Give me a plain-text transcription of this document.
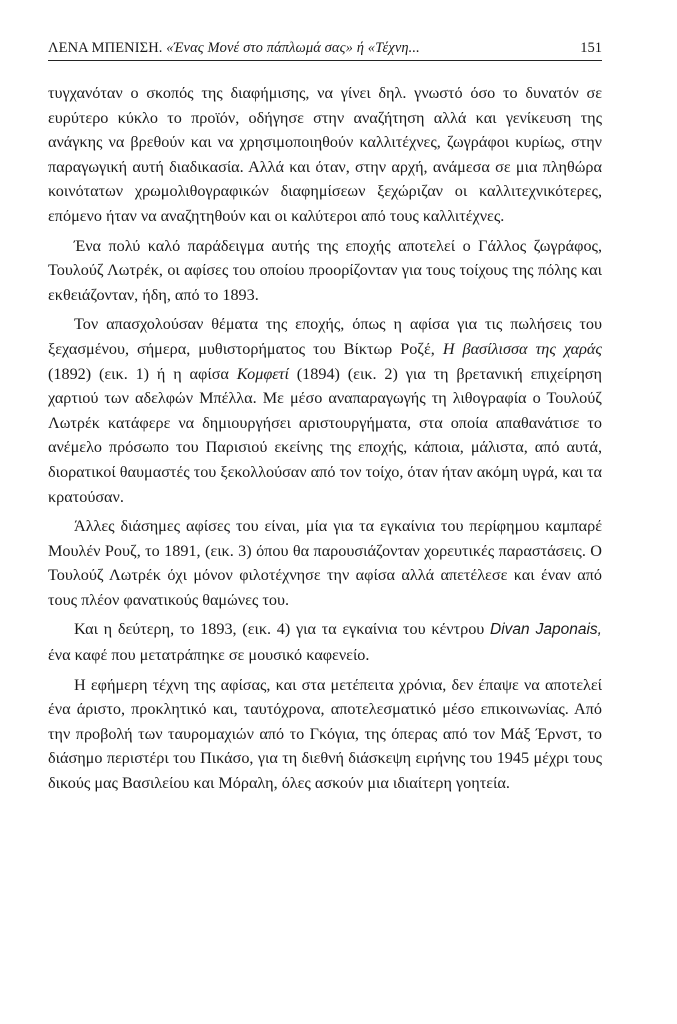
ΛΕΝΑ ΜΠΕΝΙΣΗ. «Ένας Μονέ στο πάπλωμά σας» ή «Τέχνη...	151

τυγχανόταν ο σκοπός της διαφήμισης, να γίνει δηλ. γνωστό όσο το δυνατόν σε ευρύτερο κύκλο το προϊόν, οδήγησε στην αναζήτηση αλλά και γενίκευση της ανάγκης να βρεθούν και να χρησιμοποιηθούν καλλιτέχνες, ζωγράφοι κυρίως, στην παραγωγική αυτή διαδικασία. Αλλά και όταν, στην αρχή, ανάμεσα σε μια πληθώρα κοινότατων χρωμολιθογραφικών διαφημίσεων ξεχώριζαν οι καλλιτεχνικότερες, επόμενο ήταν να αναζητηθούν και οι καλύτεροι από τους καλλιτέχνες.

Ένα πολύ καλό παράδειγμα αυτής της εποχής αποτελεί ο Γάλλος ζωγράφος, Τουλούζ Λωτρέκ, οι αφίσες του οποίου προορίζονταν για τους τοίχους της πόλης και εκθειάζονταν, ήδη, από το 1893.

Τον απασχολούσαν θέματα της εποχής, όπως η αφίσα για τις πωλήσεις του ξεχασμένου, σήμερα, μυθιστορήματος του Βίκτωρ Ροζέ, Η βασίλισσα της χαράς (1892) (εικ. 1) ή η αφίσα Κομφετί (1894) (εικ. 2) για τη βρετανική επιχείρηση χαρτιού των αδελφών Μπέλλα. Με μέσο αναπαραγωγής τη λιθογραφία ο Τουλούζ Λωτρέκ κατάφερε να δημιουργήσει αριστουργήματα, στα οποία απαθανάτισε το ανέμελο πρόσωπο του Παρισιού εκείνης της εποχής, κάποια, μάλιστα, από αυτά, διορατικοί θαυμαστές του ξεκολλούσαν από τον τοίχο, όταν ήταν ακόμη υγρά, και τα κρατούσαν.

Άλλες διάσημες αφίσες του είναι, μία για τα εγκαίνια του περίφημου καμπαρέ Μουλέν Ρουζ, το 1891, (εικ. 3) όπου θα παρουσιάζονταν χορευτικές παραστάσεις. Ο Τουλούζ Λωτρέκ όχι μόνον φιλοτέχνησε την αφίσα αλλά απετέλεσε και έναν από τους πλέον φανατικούς θαμώνες του.

Και η δεύτερη, το 1893, (εικ. 4) για τα εγκαίνια του κέντρου Divan Japonais, ένα καφέ που μετατράπηκε σε μουσικό καφενείο.

Η εφήμερη τέχνη της αφίσας, και στα μετέπειτα χρόνια, δεν έπαψε να αποτελεί ένα άριστο, προκλητικό και, ταυτόχρονα, αποτελεσματικό μέσο επικοινωνίας. Από την προβολή των ταυρομαχιών από το Γκόγια, της όπερας από τον Μάξ Έρνστ, το διάσημο περιστέρι του Πικάσο, για τη διεθνή διάσκεψη ειρήνης του 1945 μέχρι τους δικούς μας Βασιλείου και Μόραλη, όλες ασκούν μια ιδιαίτερη γοητεία.
